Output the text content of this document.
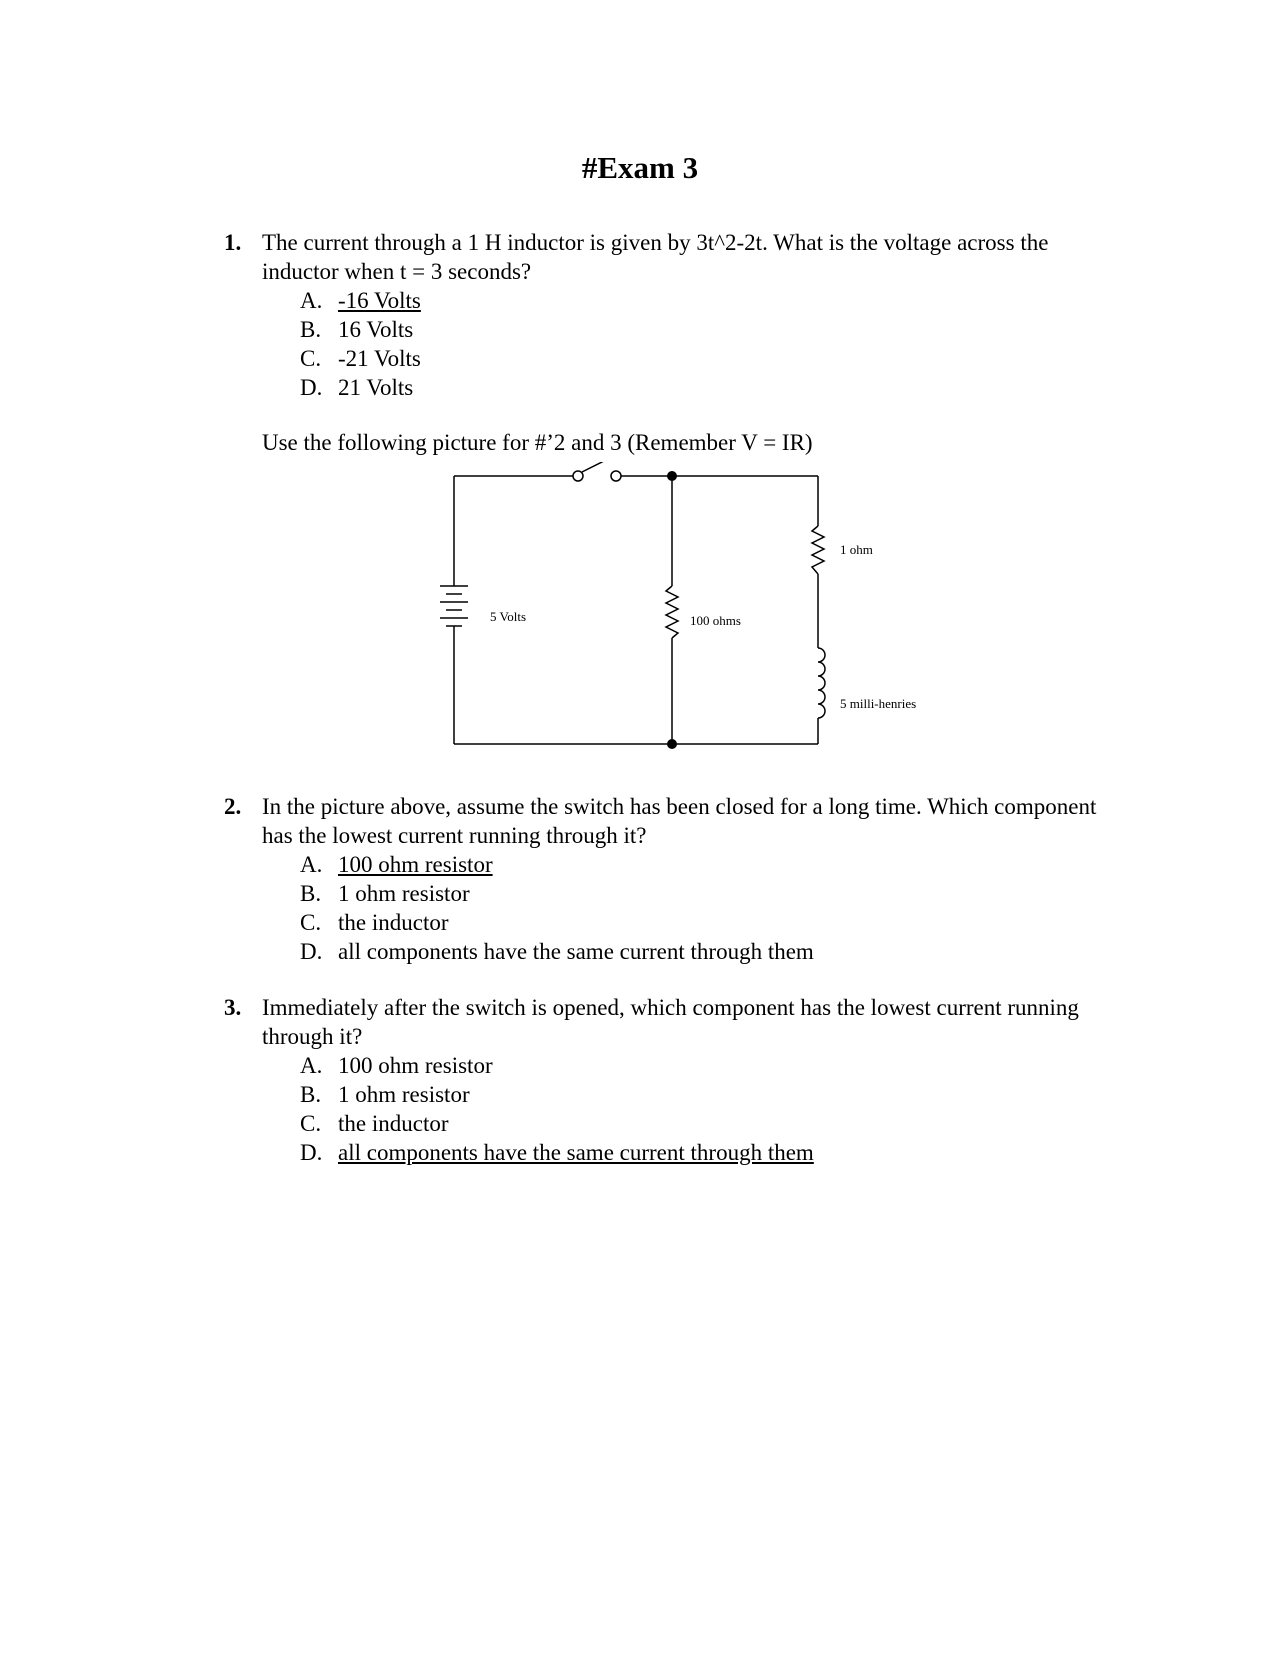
#Exam 3
1. The current through a 1 H inductor is given by 3t^2-2t. What is the voltage across the inductor when t = 3 seconds?
A. -16 Volts
B. 16 Volts
C. -21 Volts
D. 21 Volts
Use the following picture for #’2 and 3 (Remember V = IR)
5 Volts	100 ohms
1 ohm
5 milli-henries
2. In the picture above, assume the switch has been closed for a long time. Which component has the lowest current running through it?
A. 100 ohm resistor
B. 1 ohm resistor
C. the inductor
D. all components have the same current through them
3. Immediately after the switch is opened, which component has the lowest current running through it?
A. 100 ohm resistor
B. 1 ohm resistor
C. the inductor
D. all components have the same current through them
